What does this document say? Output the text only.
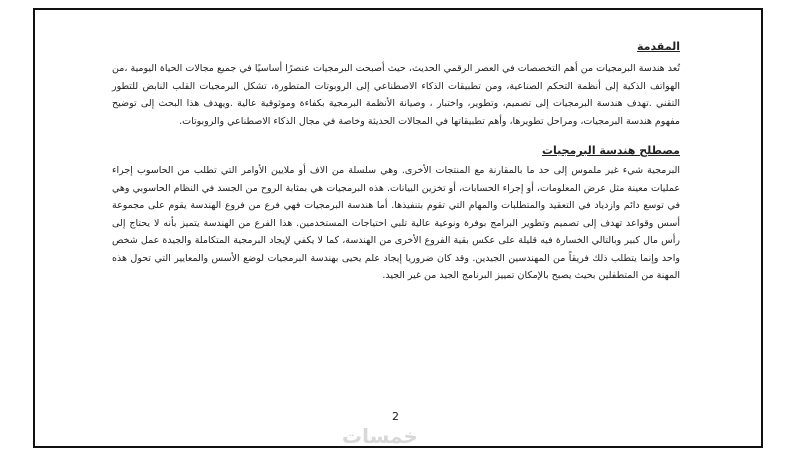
المقدمة

تُعد هندسة البرمجيات من أهم التخصصات في العصر الرقمي الحديث، حيث أصبحت البرمجيات عنصرًا أساسيًا في جميع مجالات الحياة اليومية ،من الهواتف الذكية إلى أنظمة التحكم الصناعية، ومن تطبيقات الذكاء الاصطناعي إلى الروبوتات المتطورة، تشكل البرمجيات القلب النابض للتطور التقني .تهدف هندسة البرمجيات إلى تصميم، وتطوير، واختبار ، وصيانة الأنظمة البرمجية بكفاءة وموثوقية عالية .ويهدف هذا البحث إلى توضيح مفهوم هندسة البرمجيات، ومراحل تطويرها، وأهم تطبيقاتها في المجالات الحديثة وخاصة في مجال الذكاء الاصطناعي والروبوتات.

مصطلح هندسة البرمجيات

البرمجية شيء غير ملموس إلى حد ما بالمقارنة مع المنتجات الأخرى. وهي سلسلة من الاف أو ملايين الأوامر التي تطلب من الحاسوب إجراء عمليات معينة مثل عرض المعلومات، أو إجراء الحسابات، أو تخزين البيانات. هذه البرمجيات هي بمثابة الروح من الجسد في النظام الحاسوبي وهي في توسع دائم وازدياد في التعقيد والمتطلبات والمهام التي تقوم بتنفيذها. أما هندسة البرمجيات فهي فرع من فروع الهندسة يقوم على مجموعة أسس وقواعد تهدف إلى تصميم وتطوير البرامج بوفرة ونوعية عالية تلبي احتياجات المستخدمين. هذا الفرع من الهندسة يتميز بأنه لا يحتاج إلى رأس مال كبير وبالتالي الخسارة فيه قليلة على عكس بقية الفروع الأخرى من الهندسة، كما لا يكفي لإيجاد البرمجية المتكاملة والجيدة عمل شخص واحد وإنما يتطلب ذلك فريقاً من المهندسين الجيدين. وقد كان ضروريا إيجاد علم يحيى بهندسة البرمجيات لوضع الأسس والمعايير التي تحول هذه المهنة من المتطفلين بحيث يصبح بالإمكان تمييز البرنامج الجيد من غير الجيد.

2
خمسات
